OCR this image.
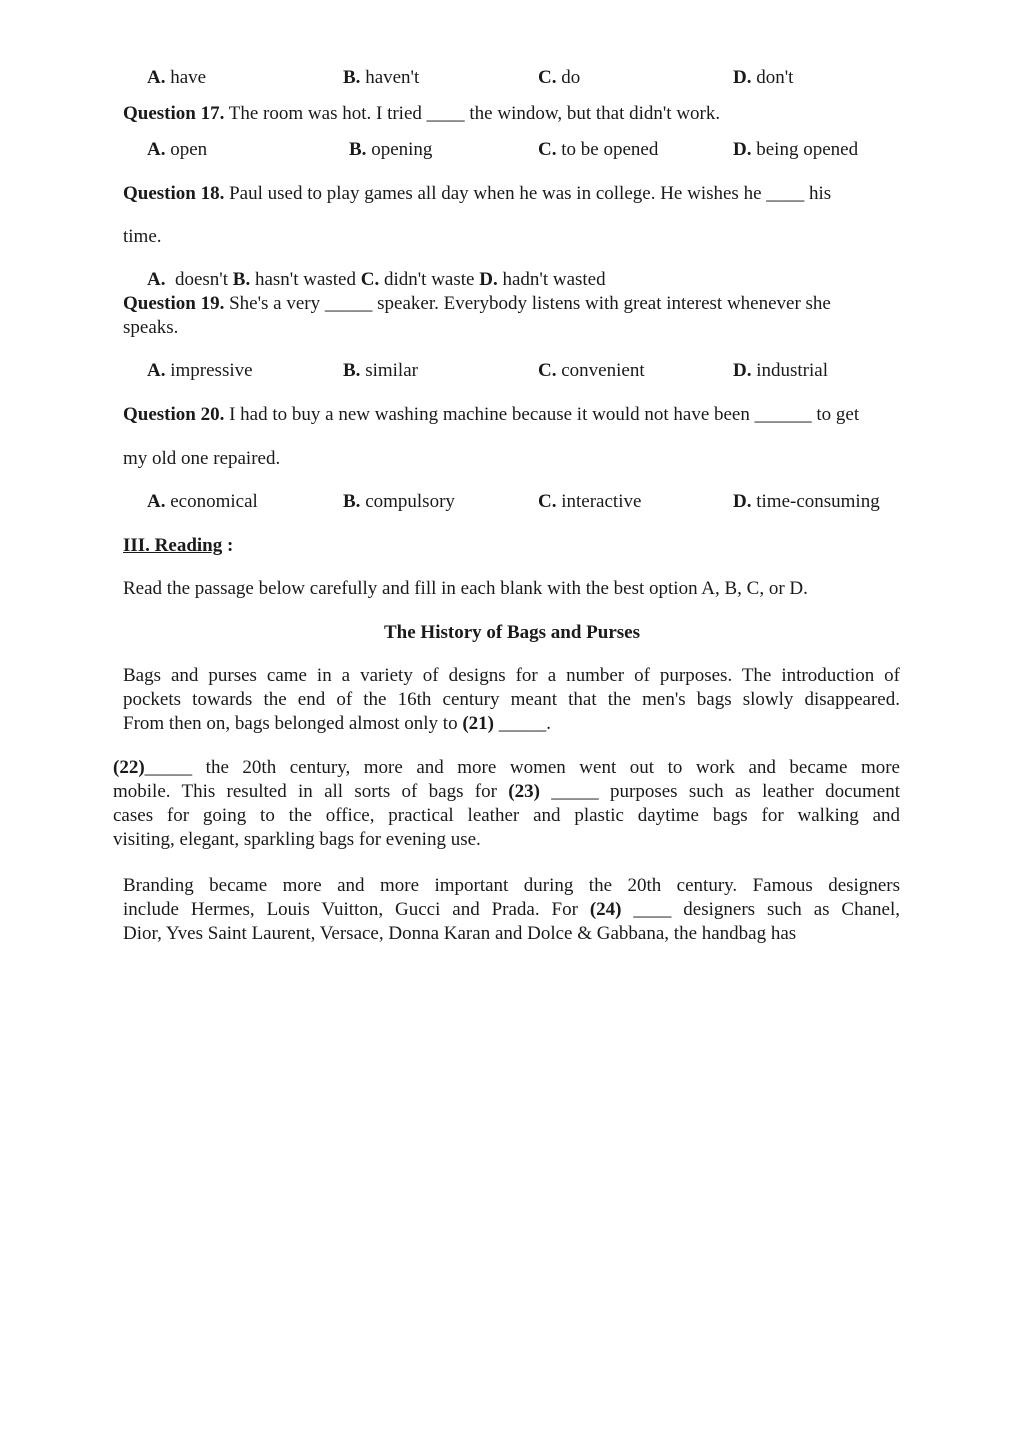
A. have	B. haven't	C. do	D. don't
Question 17. The room was hot. I tried ____ the window, but that didn't work.
A. open	B. opening	C. to be opened	D. being opened
Question 18. Paul used to play games all day when he was in college. He wishes he ____ his
time.
A.  doesn't B. hasn't wasted C. didn't waste D. hadn't wasted
Question 19. She's a very _____ speaker. Everybody listens with great interest whenever she
speaks.
A. impressive	B. similar	C. convenient	D. industrial
Question 20. I had to buy a new washing machine because it would not have been ______ to get
my old one repaired.
A. economical	B. compulsory	C. interactive	D. time-consuming
III. Reading :
Read the passage below carefully and fill in each blank with the best option A, B, C, or D.
The History of Bags and Purses
Bags and purses came in a variety of designs for a number of purposes. The introduction of
pockets towards the end of the 16th century meant that the men's bags slowly disappeared.
From then on, bags belonged almost only to (21) _____.
(22)_____ the 20th century, more and more women went out to work and became more
mobile. This resulted in all sorts of bags for (23) _____ purposes such as leather document
cases for going to the office, practical leather and plastic daytime bags for walking and
visiting, elegant, sparkling bags for evening use.
Branding became more and more important during the 20th century. Famous designers
include Hermes, Louis Vuitton, Gucci and Prada. For (24) ____ designers such as Chanel,
Dior, Yves Saint Laurent, Versace, Donna Karan and Dolce & Gabbana, the handbag has
